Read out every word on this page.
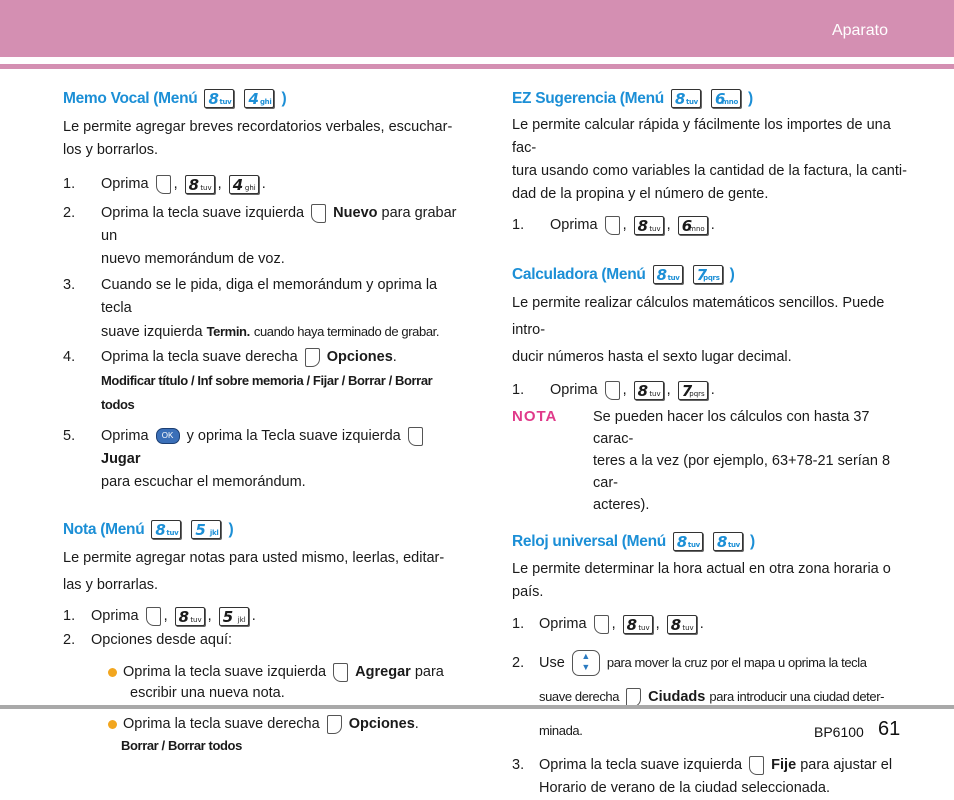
Aparato
Memo Vocal (Menú 8 tuv
4 ghi )
Le permite agregar breves recordatorios verbales, escuchar-
los y borrarlos.
1. Oprima , 8 tuv , 4 ghi .
2. Oprima la tecla suave izquierda Nuevo para grabar un
nuevo memorándum de voz.
3. Cuando se le pida, diga el memorándum y oprima la tecla
suave izquierda Termin. cuando haya terminado de grabar.
4. Oprima la tecla suave derecha Opciones.
Modificar título / Inf sobre memoria / Fijar / Borrar / Borrar todos
5. Oprima OK y oprima la Tecla suave izquierda  Jugar
para escuchar el memorándum.
Nota (Menú 8 tuv
5 jkl )
Le permite agregar notas para usted mismo, leerlas, editar-
las y borrarlas.
1. Oprima , 8 tuv , 5 jkl .
2. Opciones desde aquí:
Oprima la tecla suave izquierda Agregar para
escribir una nueva nota.
Oprima la tecla suave derecha Opciones.
Borrar / Borrar todos
EZ Sugerencia (Menú 8 tuv
6
mno )
Le permite calcular rápida y fácilmente los importes de una fac-
tura usando como variables la cantidad de la factura, la canti-
dad de la propina y el número de gente.
1. Oprima , 8 tuv , 6
mno .
Calculadora (Menú 8 tuv
7
pqrs )
Le permite realizar cálculos matemáticos sencillos. Puede intro-
ducir números hasta el sexto lugar decimal.
1. Oprima , 8 tuv , 7
pqrs .
NOTA Se pueden hacer los cálculos con hasta 37 carac-
teres a la vez (por ejemplo, 63+78-21 serían 8 car-
acteres).
Reloj universal (Menú 8 tuv
8 tuv )
Le permite determinar la hora actual en otra zona horaria o país.
1. Oprima , 8 tuv , 8 tuv .
2. Use ▲
▼ para mover la cruz por el mapa u oprima la tecla
suave derecha Ciudads para introducir una ciudad deter-
minada.
3. Oprima la tecla suave izquierda Fije para ajustar el
Horario de verano de la ciudad seleccionada.
BP6100 61
